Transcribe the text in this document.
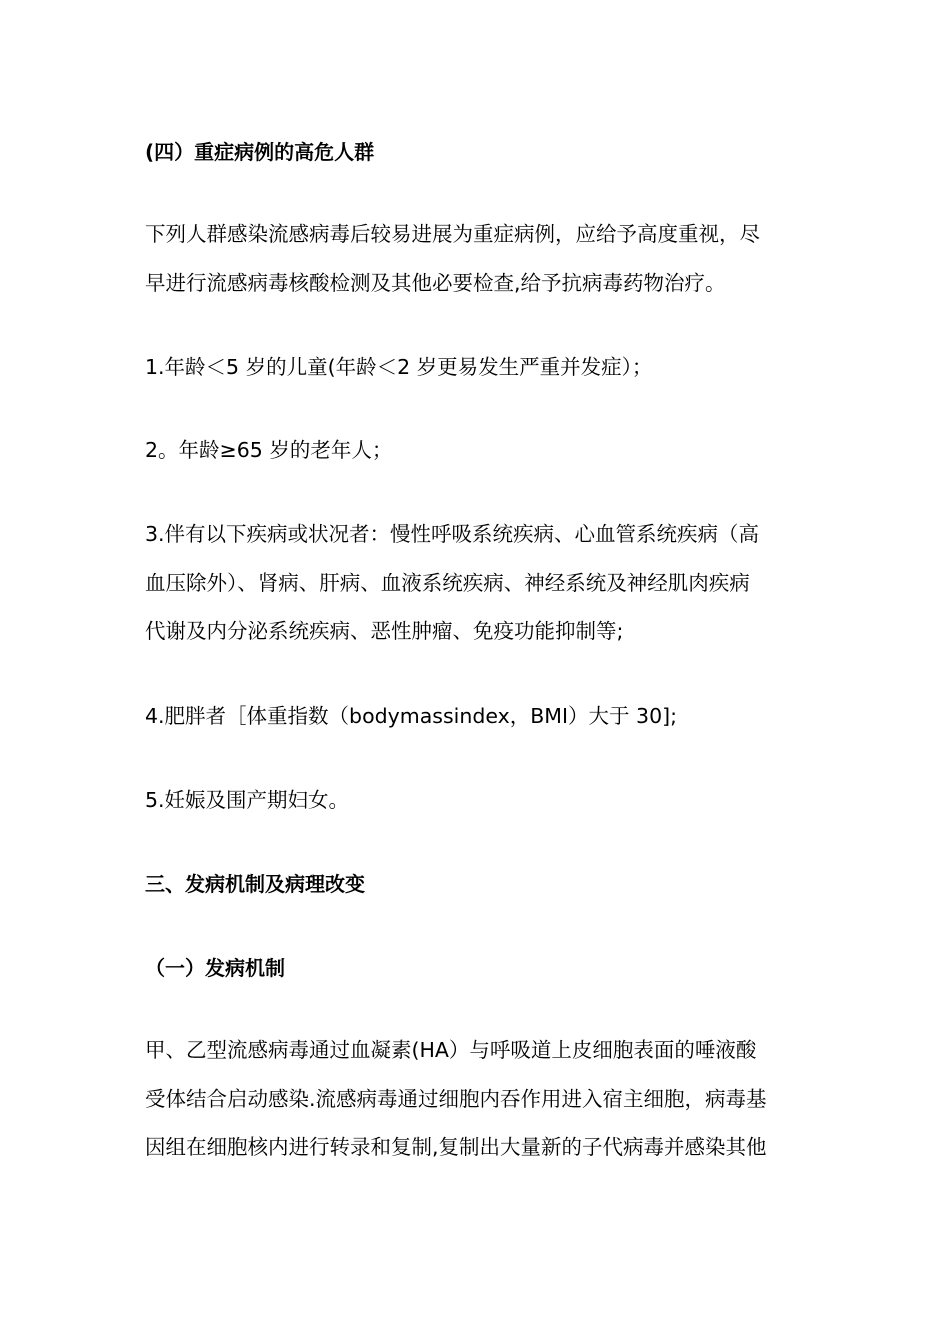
(四）重症病例的高危人群
下列人群感染流感病毒后较易进展为重症病例，应给予高度重视，尽
早进行流感病毒核酸检测及其他必要检查,给予抗病毒药物治疗。
1.年龄＜5 岁的儿童(年龄＜2 岁更易发生严重并发症）；
2。年龄≥65 岁的老年人；
3.伴有以下疾病或状况者：慢性呼吸系统疾病、心血管系统疾病（高
血压除外）、肾病、肝病、血液系统疾病、神经系统及神经肌肉疾病
代谢及内分泌系统疾病、恶性肿瘤、免疫功能抑制等;
4.肥胖者［体重指数（bodymassindex，BMI）大于 30];
5.妊娠及围产期妇女。
三、发病机制及病理改变
（一）发病机制
甲、乙型流感病毒通过血凝素(HA）与呼吸道上皮细胞表面的唾液酸
受体结合启动感染.流感病毒通过细胞内吞作用进入宿主细胞，病毒基
因组在细胞核内进行转录和复制,复制出大量新的子代病毒并感染其他
